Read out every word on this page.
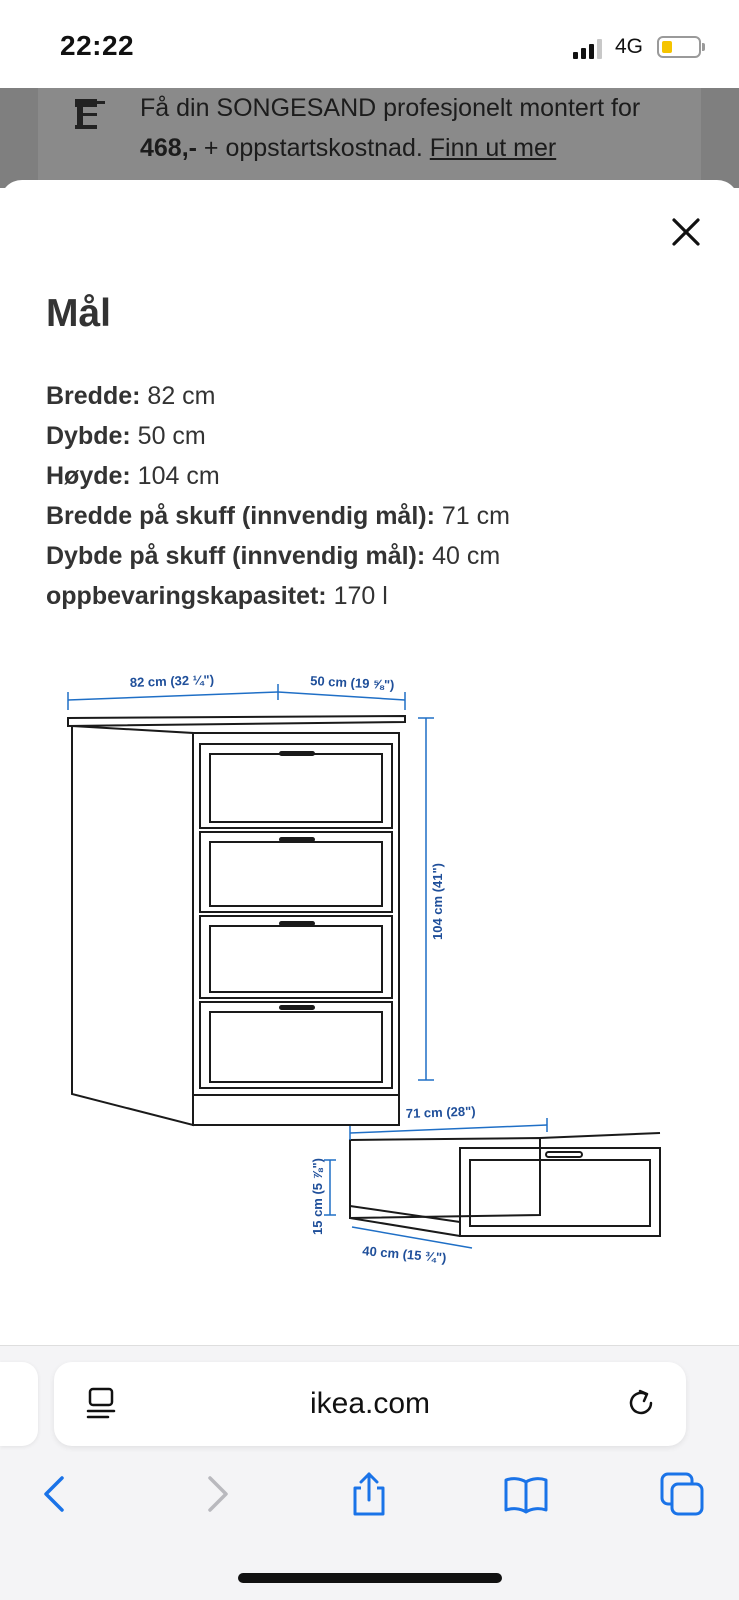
22:22	4G
Få din SONGESAND profesjonelt montert for 468,- + oppstartskostnad. Finn ut mer
Mål
Bredde: 82 cm
Dybde: 50 cm
Høyde: 104 cm
Bredde på skuff (innvendig mål): 71 cm
Dybde på skuff (innvendig mål): 40 cm
oppbevaringskapasitet: 170 l
82 cm (32 ¼")	50 cm (19 ⅝")
104 cm (41")
71 cm (28")
15 cm (5 ⅞")
40 cm (15 ¾")
ikea.com
